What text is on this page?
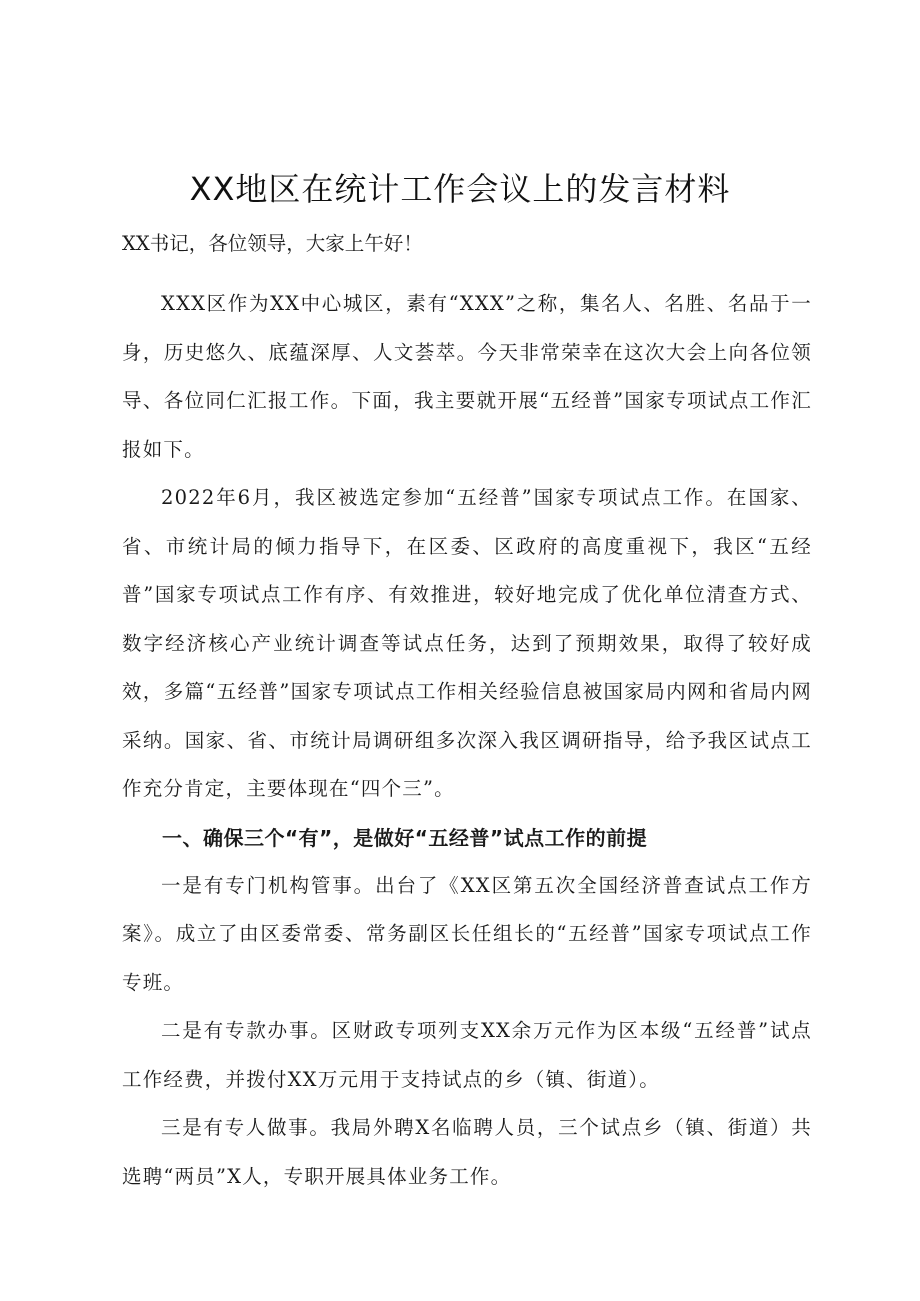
XX地区在统计工作会议上的发言材料

XX书记，各位领导，大家上午好！

XXX区作为XX中心城区，素有“XXX”之称，集名人、名胜、名品于一身，历史悠久、底蕴深厚、人文荟萃。今天非常荣幸在这次大会上向各位领导、各位同仁汇报工作。下面，我主要就开展“五经普”国家专项试点工作汇报如下。

2022年6月，我区被选定参加“五经普”国家专项试点工作。在国家、省、市统计局的倾力指导下，在区委、区政府的高度重视下，我区“五经普”国家专项试点工作有序、有效推进，较好地完成了优化单位清查方式、数字经济核心产业统计调查等试点任务，达到了预期效果，取得了较好成效，多篇“五经普”国家专项试点工作相关经验信息被国家局内网和省局内网采纳。国家、省、市统计局调研组多次深入我区调研指导，给予我区试点工作充分肯定，主要体现在“四个三”。

一、确保三个“有”，是做好“五经普”试点工作的前提

一是有专门机构管事。出台了《XX区第五次全国经济普查试点工作方案》。成立了由区委常委、常务副区长任组长的“五经普”国家专项试点工作专班。

二是有专款办事。区财政专项列支XX余万元作为区本级“五经普”试点工作经费，并拨付XX万元用于支持试点的乡（镇、街道）。

三是有专人做事。我局外聘X名临聘人员，三个试点乡（镇、街道）共选聘“两员”X人，专职开展具体业务工作。
